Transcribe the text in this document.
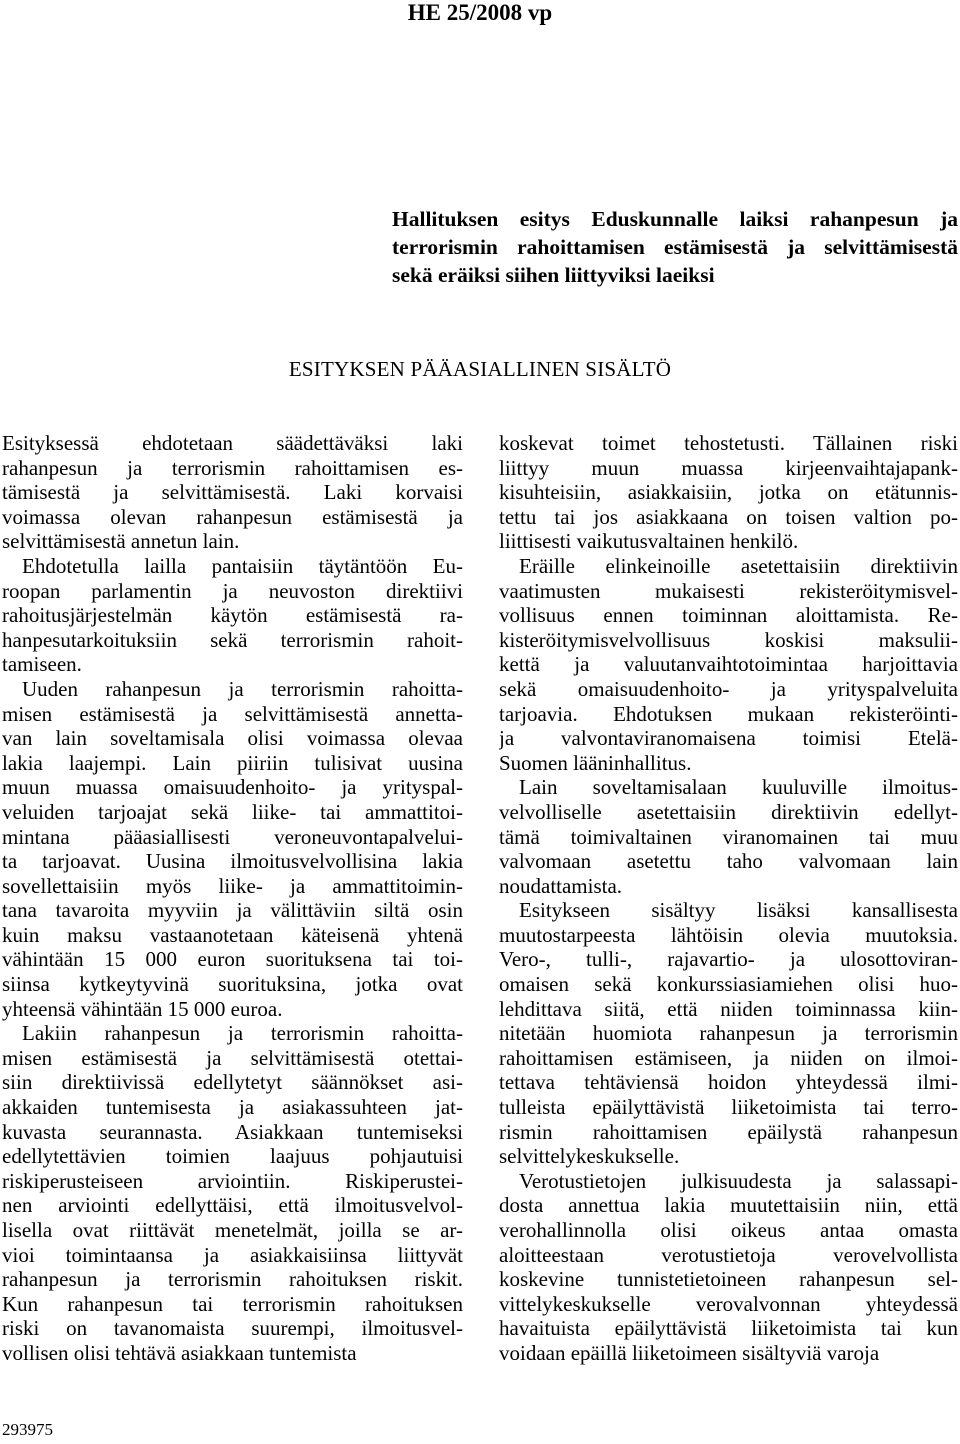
HE 25/2008 vp
Hallituksen esitys Eduskunnalle laiksi rahanpesun ja
terrorismin rahoittamisen estämisestä ja selvittämisestä
sekä eräiksi siihen liittyviksi laeiksi
ESITYKSEN PÄÄASIALLINEN SISÄLTÖ
Esityksessä ehdotetaan säädettäväksi laki
rahanpesun ja terrorismin rahoittamisen es-
tämisestä ja selvittämisestä. Laki korvaisi
voimassa olevan rahanpesun estämisestä ja
selvittämisestä annetun lain.
Ehdotetulla lailla pantaisiin täytäntöön Eu-
roopan parlamentin ja neuvoston direktiivi
rahoitusjärjestelmän käytön estämisestä ra-
hanpesutarkoituksiin sekä terrorismin rahoit-
tamiseen.
Uuden rahanpesun ja terrorismin rahoitta-
misen estämisestä ja selvittämisestä annetta-
van lain soveltamisala olisi voimassa olevaa
lakia laajempi. Lain piiriin tulisivat uusina
muun muassa omaisuudenhoito- ja yrityspal-
veluiden tarjoajat sekä liike- tai ammattitoi-
mintana pääasiallisesti veroneuvontapalvelui-
ta tarjoavat. Uusina ilmoitusvelvollisina lakia
sovellettaisiin myös liike- ja ammattitoimin-
tana tavaroita myyviin ja välittäviin siltä osin
kuin maksu vastaanotetaan käteisenä yhtenä
vähintään 15 000 euron suorituksena tai toi-
siinsa kytkeytyvinä suorituksina, jotka ovat
yhteensä vähintään 15 000 euroa.
Lakiin rahanpesun ja terrorismin rahoitta-
misen estämisestä ja selvittämisestä otettai-
siin direktiivissä edellytetyt säännökset asi-
akkaiden tuntemisesta ja asiakassuhteen jat-
kuvasta seurannasta. Asiakkaan tuntemiseksi
edellytettävien toimien laajuus pohjautuisi
riskiperusteiseen arviointiin. Riskiperustei-
nen arviointi edellyttäisi, että ilmoitusvelvol-
lisella ovat riittävät menetelmät, joilla se ar-
vioi toimintaansa ja asiakkaisiinsa liittyvät
rahanpesun ja terrorismin rahoituksen riskit.
Kun rahanpesun tai terrorismin rahoituksen
riski on tavanomaista suurempi, ilmoitusvel-
vollisen olisi tehtävä asiakkaan tuntemista
koskevat toimet tehostetusti. Tällainen riski
liittyy muun muassa kirjeenvaihtajapank-
kisuhteisiin, asiakkaisiin, jotka on etätunnis-
tettu tai jos asiakkaana on toisen valtion po-
liittisesti vaikutusvaltainen henkilö.
Eräille elinkeinoille asetettaisiin direktiivin
vaatimusten mukaisesti rekisteröitymisvel-
vollisuus ennen toiminnan aloittamista. Re-
kisteröitymisvelvollisuus koskisi maksulii-
kettä ja valuutanvaihtotoimintaa harjoittavia
sekä omaisuudenhoito- ja yrityspalveluita
tarjoavia. Ehdotuksen mukaan rekisteröinti-
ja valvontaviranomaisena toimisi Etelä-
Suomen lääninhallitus.
Lain soveltamisalaan kuuluville ilmoitus-
velvolliselle asetettaisiin direktiivin edellyt-
tämä toimivaltainen viranomainen tai muu
valvomaan asetettu taho valvomaan lain
noudattamista.
Esitykseen sisältyy lisäksi kansallisesta
muutostarpeesta lähtöisin olevia muutoksia.
Vero-, tulli-, rajavartio- ja ulosottoviran-
omaisen sekä konkurssiasiamiehen olisi huo-
lehdittava siitä, että niiden toiminnassa kiin-
nitetään huomiota rahanpesun ja terrorismin
rahoittamisen estämiseen, ja niiden on ilmoi-
tettava tehtäviensä hoidon yhteydessä ilmi-
tulleista epäilyttävistä liiketoimista tai terro-
rismin rahoittamisen epäilystä rahanpesun
selvittelykeskukselle.
Verotustietojen julkisuudesta ja salassapi-
dosta annettua lakia muutettaisiin niin, että
verohallinnolla olisi oikeus antaa omasta
aloitteestaan verotustietoja verovelvollista
koskevine tunnistetietoineen rahanpesun sel-
vittelykeskukselle verovalvonnan yhteydessä
havaituista epäilyttävistä liiketoimista tai kun
voidaan epäillä liiketoimeen sisältyviä varoja
293975
